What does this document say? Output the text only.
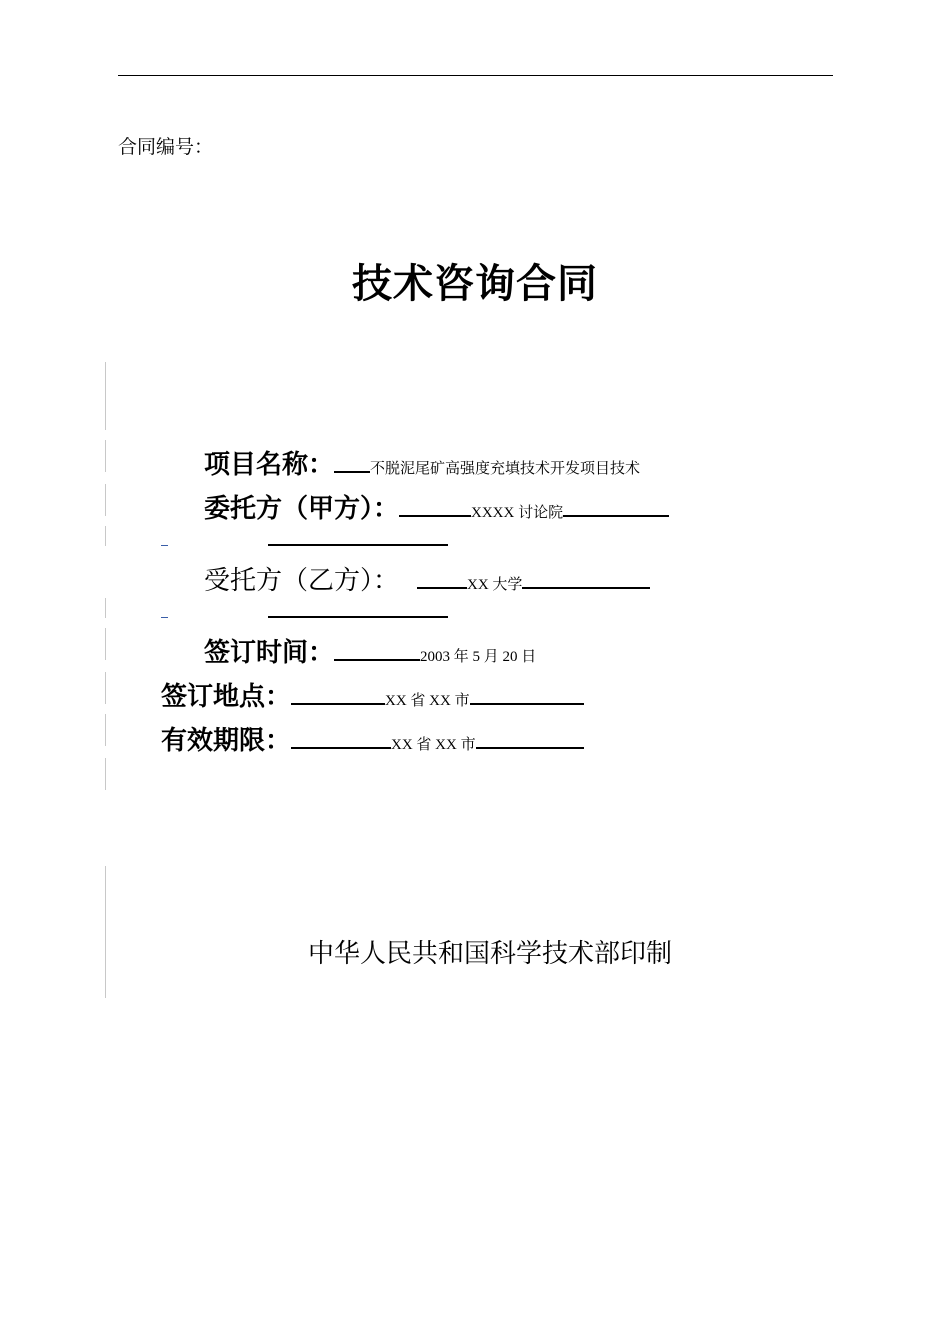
合同编号：
技术咨询合同
项目名称： 不脱泥尾矿高强度充填技术开发项目技术
委托方（甲方）：	XXXX 讨论院
受托方（乙方）：	XX 大学
签订时间：	2003 年 5 月 20 日
签订地点：	XX 省 XX 市
有效期限：	XX 省 XX 市
中华人民共和国科学技术部印制
